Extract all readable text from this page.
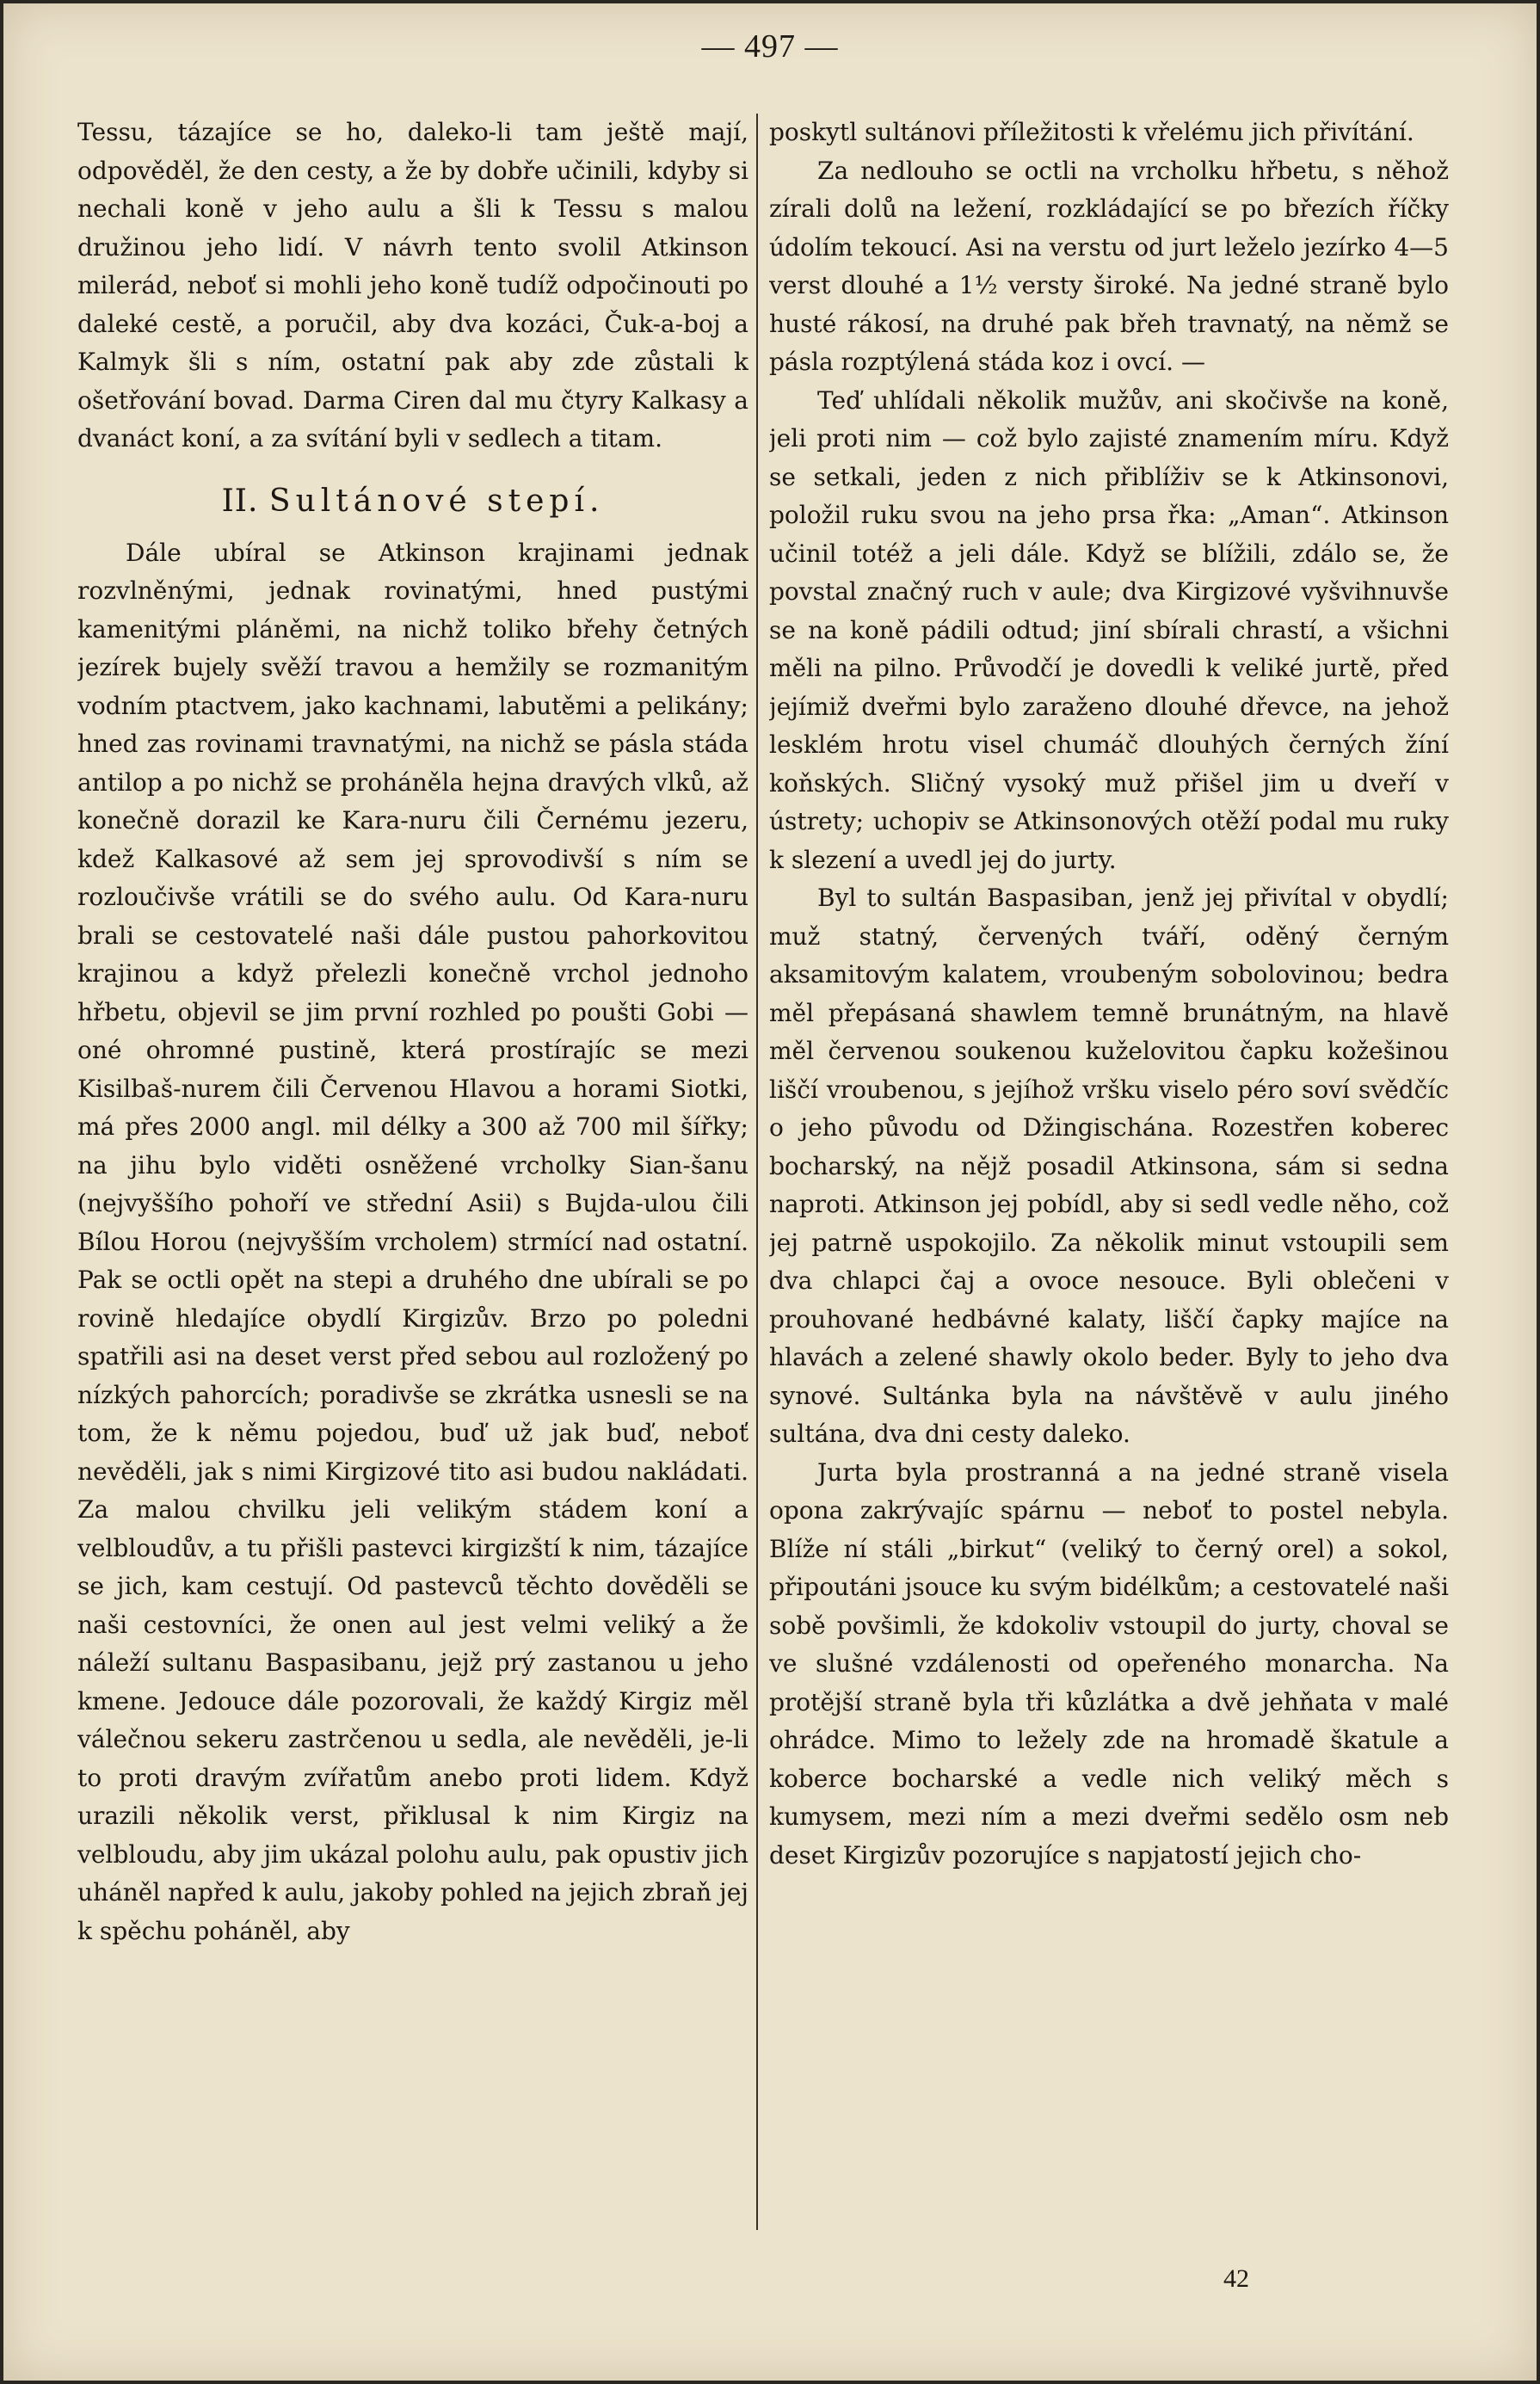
— 497 —

Tessu, tázajíce se ho, daleko-li tam ještě mají, odpověděl, že den cesty, a že by dobře učinili, kdyby si nechali koně v jeho aulu a šli k Tessu s malou družinou jeho lidí. V návrh tento svolil Atkinson milerád, neboť si mohli jeho koně tudíž odpočinouti po daleké cestě, a poručil, aby dva kozáci, Čuk-a-boj a Kalmyk šli s ním, ostatní pak aby zde zůstali k ošetřování bovad. Darma Ciren dal mu čtyry Kalkasy a dvanáct koní, a za svítání byli v sedlech a titam.

II. Sultánové stepí.

Dále ubíral se Atkinson krajinami jednak rozvlněnými, jednak rovinatými, hned pustými kamenitými pláněmi, na nichž toliko břehy četných jezírek bujely svěží travou a hemžily se rozmanitým vodním ptactvem, jako kachnami, labutěmi a pelikány; hned zas rovinami travnatými, na nichž se pásla stáda antilop a po nichž se proháněla hejna dravých vlků, až konečně dorazil ke Kara-nuru čili Černému jezeru, kdež Kalkasové až sem jej sprovodivší s ním se rozloučivše vrátili se do svého aulu. Od Kara-nuru brali se cestovatelé naši dále pustou pahorkovitou krajinou a když přelezli konečně vrchol jednoho hřbetu, objevil se jim první rozhled po poušti Gobi — oné ohromné pustině, která prostírajíc se mezi Kisilbaš-nurem čili Červenou Hlavou a horami Siotki, má přes 2000 angl. mil délky a 300 až 700 mil šířky; na jihu bylo viděti osněžené vrcholky Sian-šanu (nejvyššího pohoří ve střední Asii) s Bujda-ulou čili Bílou Horou (nejvyšším vrcholem) strmící nad ostatní. Pak se octli opět na stepi a druhého dne ubírali se po rovině hledajíce obydlí Kirgizův. Brzo po poledni spatřili asi na deset verst před sebou aul rozložený po nízkých pahorcích; poradivše se zkrátka usnesli se na tom, že k němu pojedou, buď už jak buď, neboť nevěděli, jak s nimi Kirgizové tito asi budou nakládati. Za malou chvilku jeli velikým stádem koní a velbloudův, a tu přišli pastevci kirgizští k nim, tázajíce se jich, kam cestují. Od pastevců těchto dověděli se naši cestovníci, že onen aul jest velmi veliký a že náleží sultanu Baspasibanu, jejž prý zastanou u jeho kmene. Jedouce dále pozorovali, že každý Kirgiz měl válečnou sekeru zastrčenou u sedla, ale nevěděli, je-li to proti dravým zvířatům anebo proti lidem. Když urazili několik verst, přiklusal k nim Kirgiz na velbloudu, aby jim ukázal polohu aulu, pak opustiv jich uháněl napřed k aulu, jakoby pohled na jejich zbraň jej k spěchu poháněl, aby

poskytl sultánovi příležitosti k vřelému jich přivítání.

Za nedlouho se octli na vrcholku hřbetu, s něhož zírali dolů na ležení, rozkládající se po březích říčky údolím tekoucí. Asi na verstu od jurt leželo jezírko 4—5 verst dlouhé a 1½ versty široké. Na jedné straně bylo husté rákosí, na druhé pak břeh travnatý, na němž se pásla rozptýlená stáda koz i ovcí. —

Teď uhlídali několik mužův, ani skočivše na koně, jeli proti nim — což bylo zajisté znamením míru. Když se setkali, jeden z nich přiblíživ se k Atkinsonovi, položil ruku svou na jeho prsa řka: „Aman“. Atkinson učinil totéž a jeli dále. Když se blížili, zdálo se, že povstal značný ruch v aule; dva Kirgizové vyšvihnuvše se na koně pádili odtud; jiní sbírali chrastí, a všichni měli na pilno. Průvodčí je dovedli k veliké jurtě, před jejímiž dveřmi bylo zaraženo dlouhé dřevce, na jehož lesklém hrotu visel chumáč dlouhých černých žíní koňských. Sličný vysoký muž přišel jim u dveří v ústrety; uchopiv se Atkinsonových otěží podal mu ruky k slezení a uvedl jej do jurty.

Byl to sultán Baspasiban, jenž jej přivítal v obydlí; muž statný, červených tváří, oděný černým aksamitovým kalatem, vroubeným sobolovinou; bedra měl přepásaná shawlem temně brunátným, na hlavě měl červenou soukenou kuželovitou čapku kožešinou liščí vroubenou, s jejíhož vršku viselo péro soví svědčíc o jeho původu od Džingischána. Rozestřen koberec bocharský, na nějž posadil Atkinsona, sám si sedna naproti. Atkinson jej pobídl, aby si sedl vedle něho, což jej patrně uspokojilo. Za několik minut vstoupili sem dva chlapci čaj a ovoce nesouce. Byli oblečeni v prouhované hedbávné kalaty, liščí čapky majíce na hlavách a zelené shawly okolo beder. Byly to jeho dva synové. Sultánka byla na návštěvě v aulu jiného sultána, dva dni cesty daleko.

Jurta byla prostranná a na jedné straně visela opona zakrývajíc spárnu — neboť to postel nebyla. Blíže ní stáli „birkut“ (veliký to černý orel) a sokol, připoutáni jsouce ku svým bidélkům; a cestovatelé naši sobě povšimli, že kdokoliv vstoupil do jurty, choval se ve slušné vzdálenosti od opeřeného monarcha. Na protější straně byla tři kůzlátka a dvě jehňata v malé ohrádce. Mimo to ležely zde na hromadě škatule a koberce bocharské a vedle nich veliký měch s kumysem, mezi ním a mezi dveřmi sedělo osm neb deset Kirgizův pozorujíce s napjatostí jejich cho-

42
